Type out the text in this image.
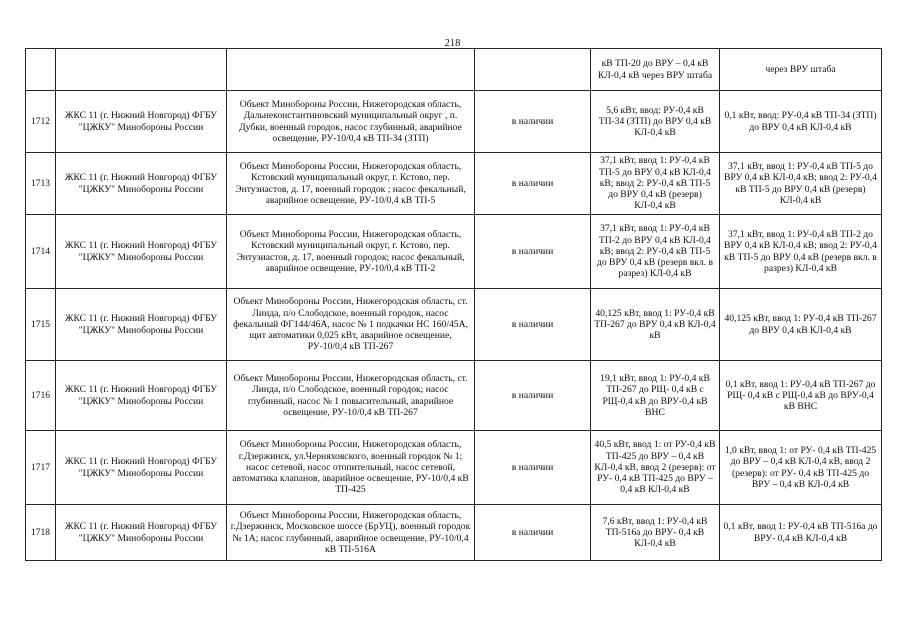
218
				кВ ТП-20 до ВРУ – 0,4 кВ КЛ-0,4 кВ через ВРУ штаба	через ВРУ штаба
1712	ЖКС 11 (г. Нижний Новгород) ФГБУ "ЦЖКУ" Минобороны России	Объект Минобороны России, Нижегородская область, Дальнеконстантиновский муниципальный округ , п. Дубки, военный городок, насос глубинный, аварийное освещение, РУ-10/0,4 кВ ТП-34 (ЗТП)	в наличии	5,6 кВт, ввод: РУ-0,4 кВ ТП-34 (ЗТП) до ВРУ 0,4 кВ КЛ-0,4 кВ	0,1 кВт, ввод: РУ-0,4 кВ ТП-34 (ЗТП) до ВРУ 0,4 кВ КЛ-0,4 кВ
1713	ЖКС 11 (г. Нижний Новгород) ФГБУ "ЦЖКУ" Минобороны России	Объект Минобороны России, Нижегородская область, Кстовский муниципальный округ, г. Кстово, пер. Энтузиастов, д. 17, военный городок ; насос фекальный, аварийное освещение, РУ-10/0,4 кВ ТП-5	в наличии	37,1 кВт, ввод 1: РУ-0,4 кВ ТП-5 до ВРУ 0,4 кВ КЛ-0,4 кВ; ввод 2: РУ-0,4 кВ ТП-5 до ВРУ 0,4 кВ (резерв) КЛ-0,4 кВ	37,1 кВт, ввод 1: РУ-0,4 кВ ТП-5 до ВРУ 0,4 кВ КЛ-0,4 кВ; ввод 2: РУ-0,4 кВ ТП-5 до ВРУ 0,4 кВ (резерв) КЛ-0,4 кВ
1714	ЖКС 11 (г. Нижний Новгород) ФГБУ "ЦЖКУ" Минобороны России	Объект Минобороны России, Нижегородская область, Кстовский муниципальный округ, г. Кстово, пер. Энтузиастов, д. 17, военный городок; насос фекальный, аварийное освещение, РУ-10/0,4 кВ ТП-2	в наличии	37,1 кВт, ввод 1: РУ-0,4 кВ ТП-2 до ВРУ 0,4 кВ КЛ-0,4 кВ; ввод 2: РУ-0,4 кВ ТП-5 до ВРУ 0,4 кВ (резерв вкл. в разрез) КЛ-0,4 кВ	37,1 кВт, ввод 1: РУ-0,4 кВ ТП-2 до ВРУ 0,4 кВ КЛ-0,4 кВ; ввод 2: РУ-0,4 кВ ТП-5 до ВРУ 0,4 кВ (резерв вкл. в разрез) КЛ-0,4 кВ
1715	ЖКС 11 (г. Нижний Новгород) ФГБУ "ЦЖКУ" Минобороны России	Объект Минобороны России, Нижегородская область, ст. Линда, п/о Слободское, военный городок, насос фекальный ФГ144/46А, насос № 1 подкачки НС 160/45А, щит автоматики 0,025 кВт, аварийное освещение, РУ-10/0,4 кВ ТП-267	в наличии	40,125 кВт, ввод 1: РУ-0,4 кВ ТП-267 до ВРУ 0,4 кВ КЛ-0,4 кВ	40,125 кВт, ввод 1: РУ-0,4 кВ ТП-267 до ВРУ 0,4 кВ КЛ-0,4 кВ
1716	ЖКС 11 (г. Нижний Новгород) ФГБУ "ЦЖКУ" Минобороны России	Объект Минобороны России, Нижегородская область, ст. Линда, п/о Слободское, военный городок; насос глубинный, насос № 1 повысительный, аварийное освещение, РУ-10/0,4 кВ ТП-267	в наличии	19,1 кВт, ввод 1: РУ-0,4 кВ ТП-267 до РЩ- 0,4 кВ с РЩ-0,4 кВ до ВРУ-0,4 кВ ВНС	0,1 кВт, ввод 1: РУ-0,4 кВ ТП-267 до РЩ- 0,4 кВ с РЩ-0,4 кВ до ВРУ-0,4 кВ ВНС
1717	ЖКС 11 (г. Нижний Новгород) ФГБУ "ЦЖКУ" Минобороны России	Объект Минобороны России, Нижегородская область, г.Дзержинск, ул.Черняховского, военный городок № 1; насос сетевой, насос отопительный, насос сетевой, автоматика клапанов, аварийное освещение, РУ-10/0,4 кВ ТП-425	в наличии	40,5 кВт, ввод 1: от РУ-0,4 кВ ТП-425 до ВРУ – 0,4 кВ КЛ-0,4 кВ, ввод 2 (резерв): от РУ- 0,4 кВ ТП-425 до ВРУ – 0,4 кВ КЛ-0,4 кВ	1,0 кВт, ввод 1: от РУ- 0,4 кВ ТП-425 до ВРУ – 0,4 кВ КЛ-0,4 кВ, ввод 2 (резерв): от РУ- 0,4 кВ ТП-425 до ВРУ – 0,4 кВ КЛ-0,4 кВ
1718	ЖКС 11 (г. Нижний Новгород) ФГБУ "ЦЖКУ" Минобороны России	Объект Минобороны России, Нижегородская область, г.Дзержинск, Московское шоссе (БрУЦ), военный городок № 1А; насос глубинный, аварийное освещение, РУ-10/0,4 кВ ТП-516А	в наличии	7,6 кВт, ввод 1: РУ-0,4 кВ ТП-516а до ВРУ- 0,4 кВ КЛ-0,4 кВ	0,1 кВт, ввод 1: РУ-0,4 кВ ТП-516а до ВРУ- 0,4 кВ КЛ-0,4 кВ
